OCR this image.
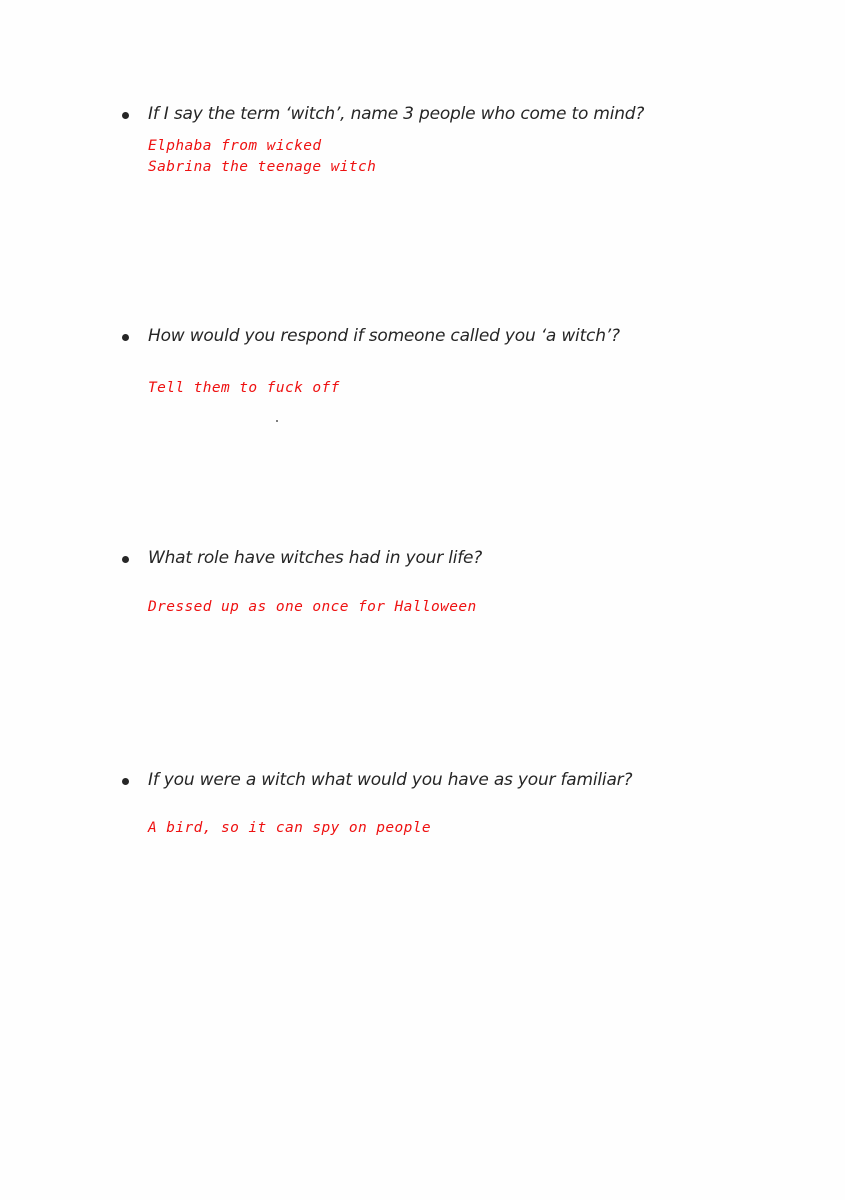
If I say the term ‘witch’, name 3 people who come to mind?
Elphaba from wicked
Sabrina the teenage witch
How would you respond if someone called you ‘a witch’?
Tell them to fuck off
What role have witches had in your life?
Dressed up as one once for Halloween
If you were a witch what would you have as your familiar?
A bird, so it can spy on people
